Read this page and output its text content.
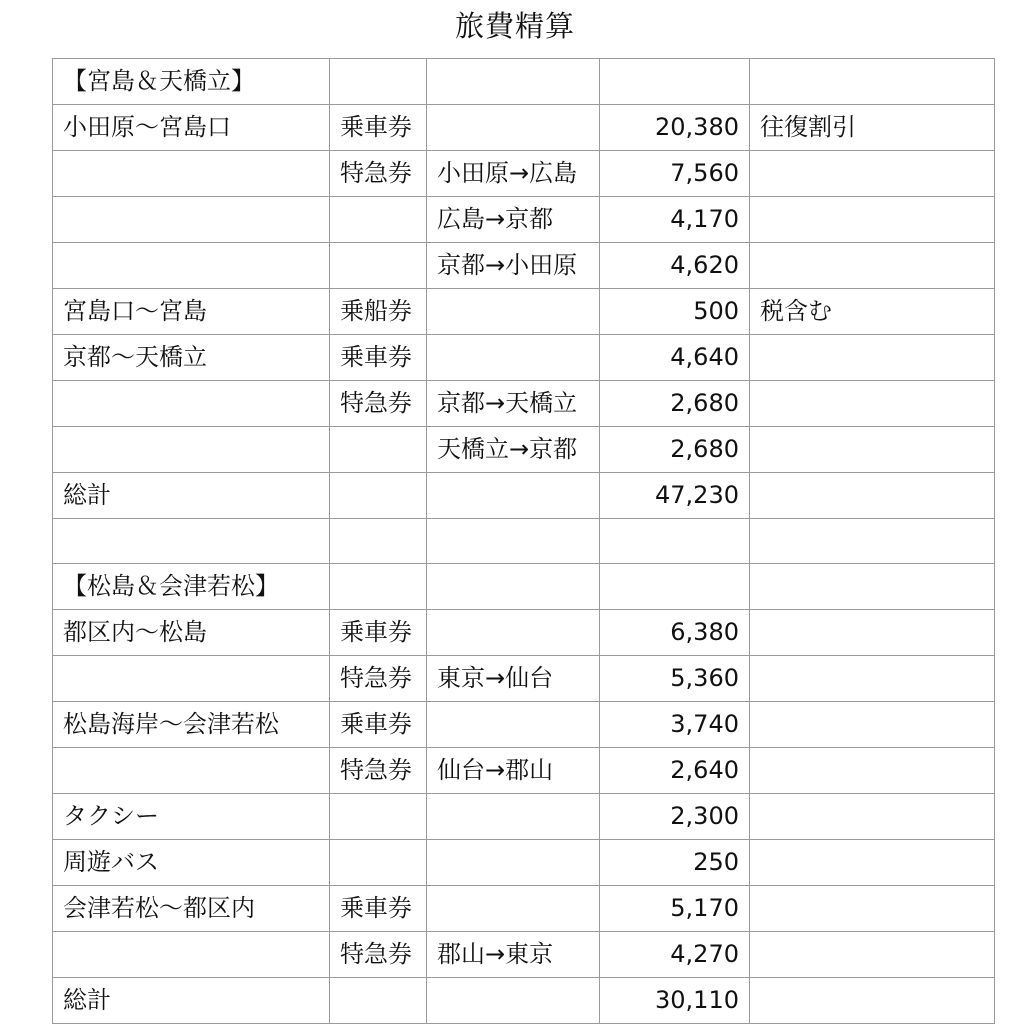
旅費精算
【宮島＆天橋立】				
小田原〜宮島口	乗車券		20,380	往復割引
	特急券	小田原→広島	7,560	
		広島→京都	4,170	
		京都→小田原	4,620	
宮島口〜宮島	乗船券		500	税含む
京都〜天橋立	乗車券		4,640	
	特急券	京都→天橋立	2,680	
		天橋立→京都	2,680	
総計			47,230	

【松島＆会津若松】				
都区内〜松島	乗車券		6,380	
	特急券	東京→仙台	5,360	
松島海岸〜会津若松	乗車券		3,740	
	特急券	仙台→郡山	2,640	
タクシー			2,300	
周遊バス			250	
会津若松〜都区内	乗車券		5,170	
	特急券	郡山→東京	4,270	
総計			30,110	
